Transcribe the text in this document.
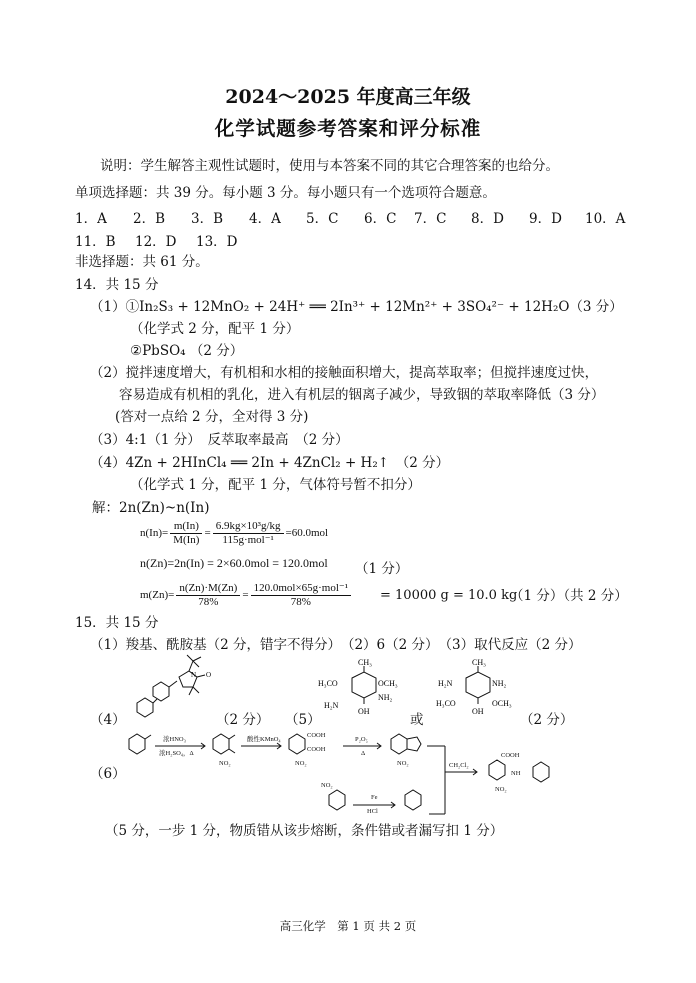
2024～2025 年度高三年级
化学试题参考答案和评分标准
说明：学生解答主观性试题时，使用与本答案不同的其它合理答案的也给分。
单项选择题：共 39 分。每小题 3 分。每小题只有一个选项符合题意。
1．A 2．B 3．B 4．A 5．C 6．C 7．C 8．D 9．D 10．A
11．B 12．D 13．D
非选择题：共 61 分。
14．共 15 分
（1）①In₂S₃ + 12MnO₂ + 24H⁺ ══ 2In³⁺ + 12Mn²⁺ + 3SO₄²⁻ + 12H₂O（3 分）
（化学式 2 分，配平 1 分）
②PbSO₄ （2 分）
（2）搅拌速度增大，有机相和水相的接触面积增大，提高萃取率；但搅拌速度过快，
容易造成有机相的乳化，进入有机层的铟离子减少，导致铟的萃取率降低（3 分）
(答对一点给 2 分，全对得 3 分)
（3）4:1（1 分）　反萃取率最高　（2 分）
（4）4Zn + 2HInCl₄ ══ 2In + 4ZnCl₂ + H₂↑　（2 分）
（化学式 1 分，配平 1 分，气体符号暂不扣分）
解：2n(Zn)~n(In)
$n(In)= \frac{m(In)}{M(In)} = \frac{\text{6.9kg×10³g/kg}}{\text{115g·mol⁻¹}} =60.0mol$
n(Zn)=2n(In) = 2×60.0mol = 120.0mol （1 分）
$m(Zn)= \frac{n(Zn)\cdot M(Zn)}{78\%} = \frac{\text{120.0mol×65g·mol⁻¹}}{78\%} = 10000$ g = 10.0 kg
（1 分）（共 2 分）
15．共 15 分
（1）羧基、酰胺基（2 分，错字不得分）　（2）6（2 分）　（3）取代反应（2 分）
（4）	（2 分） （5）	或	（2 分）
（6）
N O
CH₃
H₃CO	OCH₃
H₂N
OH
NH₂
CH₃
H₂N	NH₂
H₃CO
OH
OCH₃
浓HNO₃
浓H₂SO₄，Δ
NO₂
酸性KMnO₄
COOH
COOH
NO₂
P₂O₅
Δ
NO₂	CH₂Cl₂
COOH
NH
NO₂
NO₂
Fe
HCl
（5 分，一步 1 分，物质错从该步熔断，条件错或者漏写扣 1 分）
高三化学　第 1 页 共 2 页
